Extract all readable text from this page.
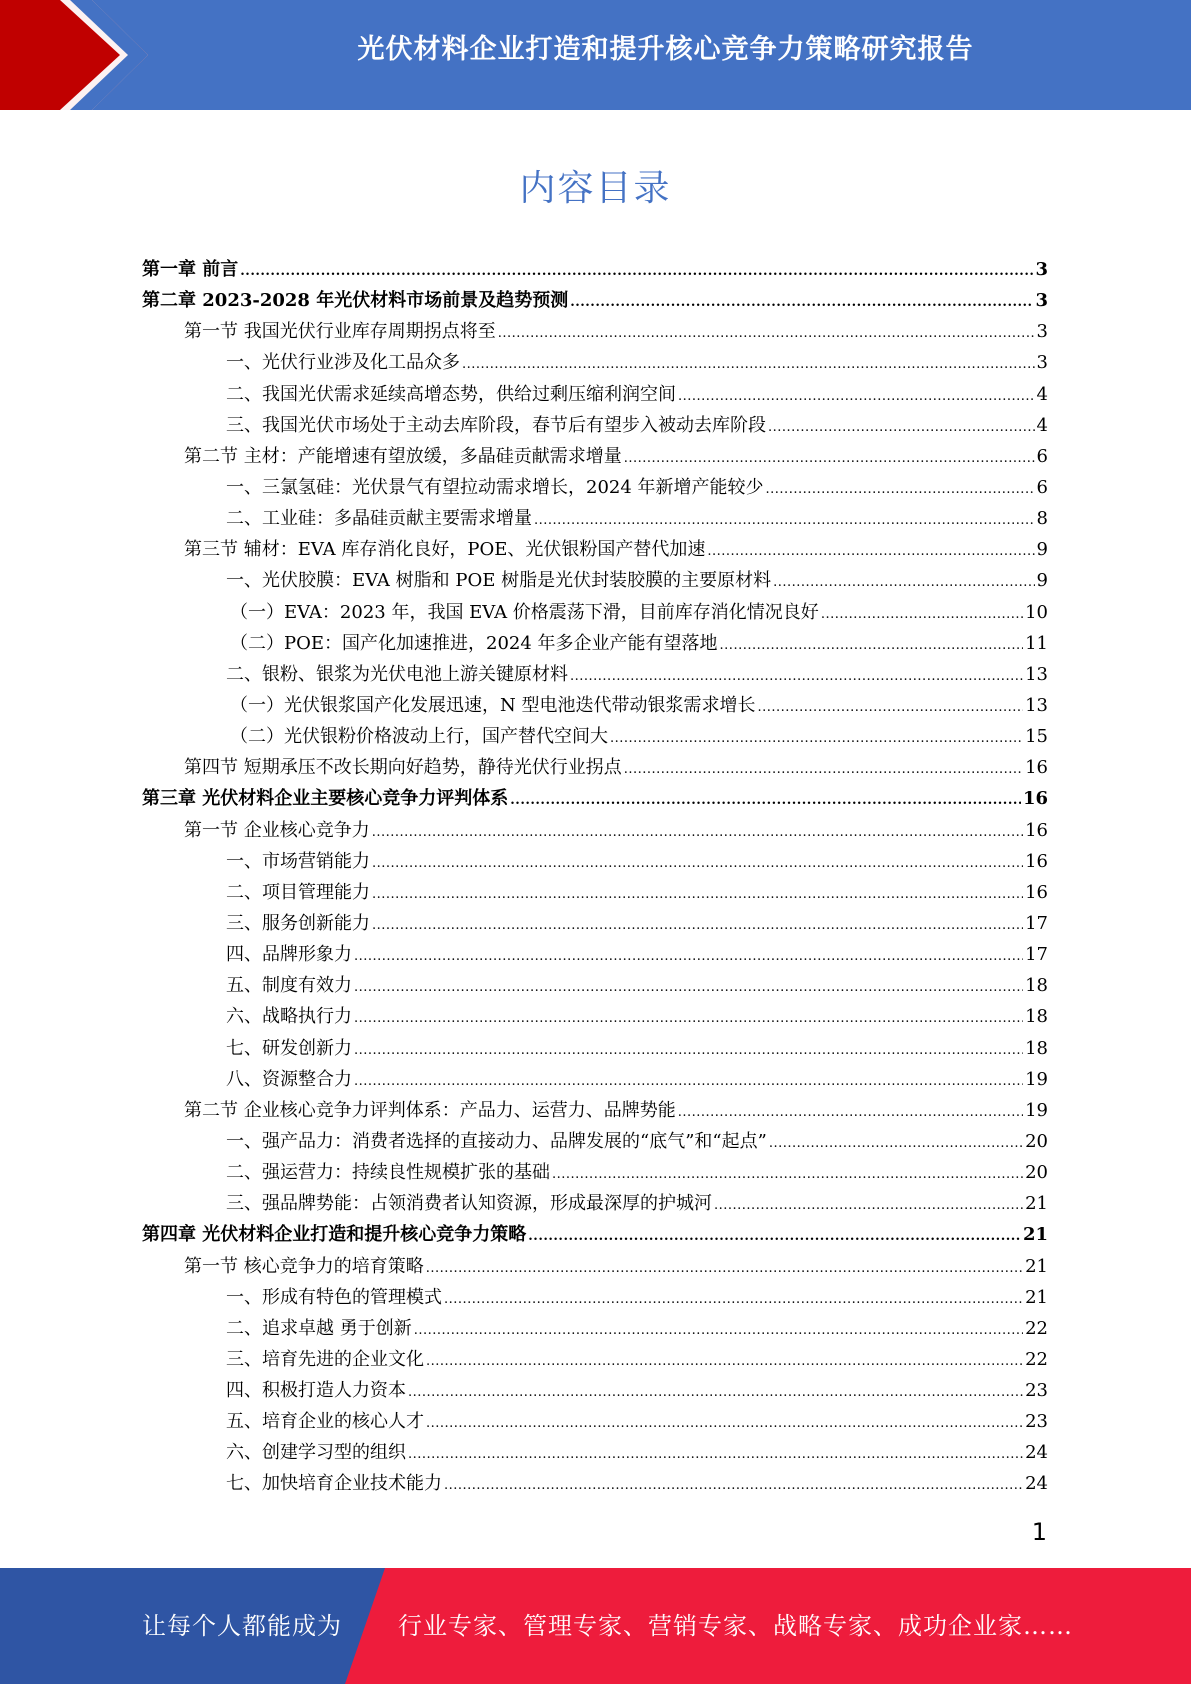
光伏材料企业打造和提升核心竞争力策略研究报告
内容目录
第一章 前言 .....	3
第二章 2023-2028 年光伏材料市场前景及趋势预测 .....	3
第一节 我国光伏行业库存周期拐点将至 .....	3
一、光伏行业涉及化工品众多 .....	3
二、我国光伏需求延续高增态势，供给过剩压缩利润空间 .....	4
三、我国光伏市场处于主动去库阶段，春节后有望步入被动去库阶段 .....	4
第二节 主材：产能增速有望放缓，多晶硅贡献需求增量 .....	6
一、三氯氢硅：光伏景气有望拉动需求增长，2024 年新增产能较少 .....	6
二、工业硅：多晶硅贡献主要需求增量 .....	8
第三节 辅材：EVA 库存消化良好，POE、光伏银粉国产替代加速 .....	9
一、光伏胶膜：EVA 树脂和 POE 树脂是光伏封装胶膜的主要原材料 .....	9
（一）EVA：2023 年，我国 EVA 价格震荡下滑，目前库存消化情况良好 .....	10
（二）POE：国产化加速推进，2024 年多企业产能有望落地 .....	11
二、银粉、银浆为光伏电池上游关键原材料 .....	13
（一）光伏银浆国产化发展迅速，N 型电池迭代带动银浆需求增长 .....	13
（二）光伏银粉价格波动上行，国产替代空间大 .....	15
第四节 短期承压不改长期向好趋势，静待光伏行业拐点 .....	16
第三章 光伏材料企业主要核心竞争力评判体系 .....	16
第一节 企业核心竞争力 .....	16
一、市场营销能力 .....	16
二、项目管理能力 .....	16
三、服务创新能力 .....	17
四、品牌形象力 .....	17
五、制度有效力 .....	18
六、战略执行力 .....	18
七、研发创新力 .....	18
八、资源整合力 .....	19
第二节 企业核心竞争力评判体系：产品力、运营力、品牌势能 .....	19
一、强产品力：消费者选择的直接动力、品牌发展的“底气”和“起点” .....	20
二、强运营力：持续良性规模扩张的基础 .....	20
三、强品牌势能：占领消费者认知资源，形成最深厚的护城河 .....	21
第四章 光伏材料企业打造和提升核心竞争力策略 .....	21
第一节 核心竞争力的培育策略 .....	21
一、形成有特色的管理模式 .....	21
二、追求卓越 勇于创新 .....	22
三、培育先进的企业文化 .....	22
四、积极打造人力资本 .....	23
五、培育企业的核心人才 .....	23
六、创建学习型的组织 .....	24
七、加快培育企业技术能力 .....	24
1
让每个人都能成为 行业专家、管理专家、营销专家、战略专家、成功企业家……
